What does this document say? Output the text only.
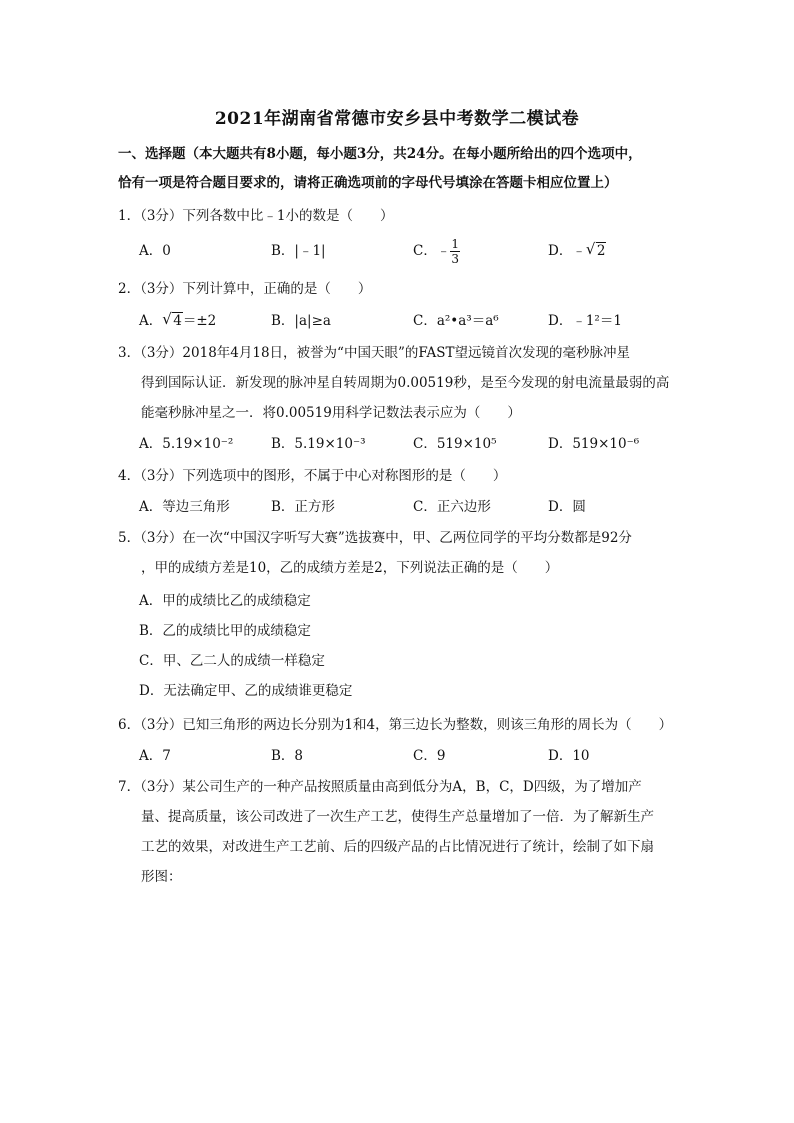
2021年湖南省常德市安乡县中考数学二模试卷
一、选择题（本大题共有8小题，每小题3分，共24分。在每小题所给出的四个选项中，
恰有一项是符合题目要求的，请将正确选项前的字母代号填涂在答题卡相应位置上）
1．（3分）下列各数中比﹣1小的数是（　　）
A．0	B．|﹣1|	C．﹣ $\frac{1}{3}$	D．﹣ √ 2
2．（3分）下列计算中，正确的是（　　）
A． √ 4＝±2	B．|a|≥a	C．a²•a³＝a⁶	D．﹣1²＝1
3．（3分）2018年4月18日，被誉为“中国天眼”的FAST望远镜首次发现的毫秒脉冲星
得到国际认证．新发现的脉冲星自转周期为0.00519秒，是至今发现的射电流量最弱的高
能毫秒脉冲星之一．将0.00519用科学记数法表示应为（　　）
A．5.19×10⁻²	B．5.19×10⁻³	C．519×10⁵	D．519×10⁻⁶
4．（3分）下列选项中的图形，不属于中心对称图形的是（　　）
A．等边三角形	B．正方形	C．正六边形	D．圆
5．（3分）在一次“中国汉字听写大赛”选拔赛中，甲、乙两位同学的平均分数都是92分
，甲的成绩方差是10，乙的成绩方差是2，下列说法正确的是（　　）
A．甲的成绩比乙的成绩稳定
B．乙的成绩比甲的成绩稳定
C．甲、乙二人的成绩一样稳定
D．无法确定甲、乙的成绩谁更稳定
6．（3分）已知三角形的两边长分别为1和4，第三边长为整数，则该三角形的周长为（　　）
A．7	B．8	C．9	D．10
7．（3分）某公司生产的一种产品按照质量由高到低分为A，B，C，D四级，为了增加产
量、提高质量，该公司改进了一次生产工艺，使得生产总量增加了一倍．为了解新生产
工艺的效果，对改进生产工艺前、后的四级产品的占比情况进行了统计，绘制了如下扇
形图：
